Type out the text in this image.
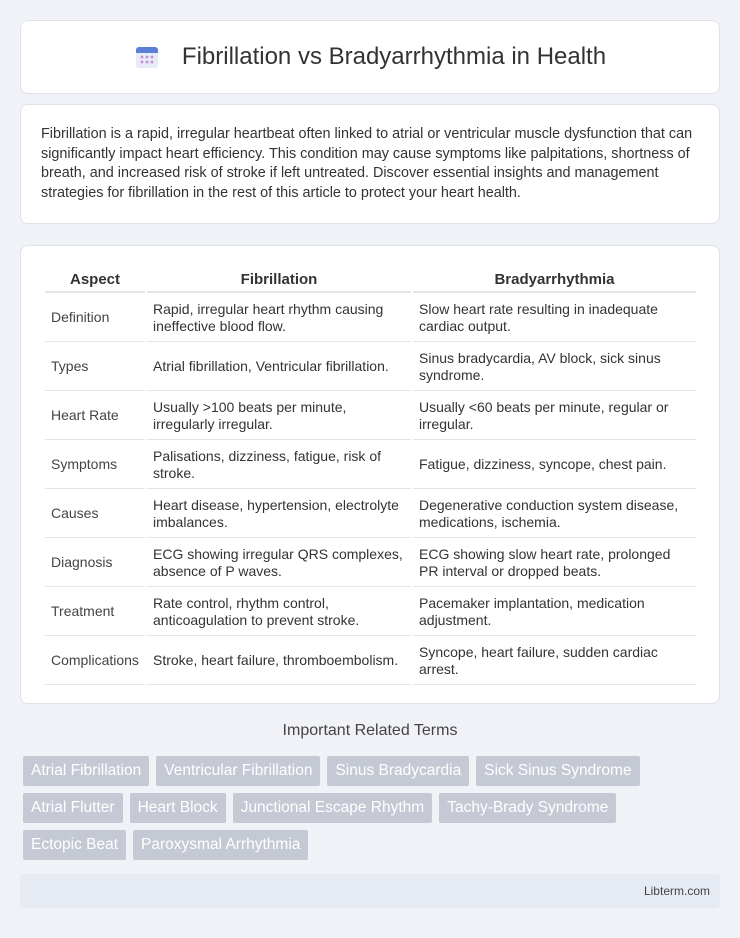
Fibrillation vs Bradyarrhythmia in Health
Fibrillation is a rapid, irregular heartbeat often linked to atrial or ventricular muscle dysfunction that can significantly impact heart efficiency. This condition may cause symptoms like palpitations, shortness of breath, and increased risk of stroke if left untreated. Discover essential insights and management strategies for fibrillation in the rest of this article to protect your heart health.
Aspect	Fibrillation	Bradyarrhythmia
Definition	Rapid, irregular heart rhythm causing ineffective blood flow.	Slow heart rate resulting in inadequate cardiac output.
Types	Atrial fibrillation, Ventricular fibrillation.	Sinus bradycardia, AV block, sick sinus syndrome.
Heart Rate	Usually >100 beats per minute, irregularly irregular.	Usually <60 beats per minute, regular or irregular.
Symptoms	Palisations, dizziness, fatigue, risk of stroke.	Fatigue, dizziness, syncope, chest pain.
Causes	Heart disease, hypertension, electrolyte imbalances.	Degenerative conduction system disease, medications, ischemia.
Diagnosis	ECG showing irregular QRS complexes, absence of P waves.	ECG showing slow heart rate, prolonged PR interval or dropped beats.
Treatment	Rate control, rhythm control, anticoagulation to prevent stroke.	Pacemaker implantation, medication adjustment.
Complications	Stroke, heart failure, thromboembolism.	Syncope, heart failure, sudden cardiac arrest.
Important Related Terms
Atrial Fibrillation	Ventricular Fibrillation	Sinus Bradycardia	Sick Sinus Syndrome
Atrial Flutter	Heart Block	Junctional Escape Rhythm	Tachy-Brady Syndrome
Ectopic Beat	Paroxysmal Arrhythmia
Libterm.com
